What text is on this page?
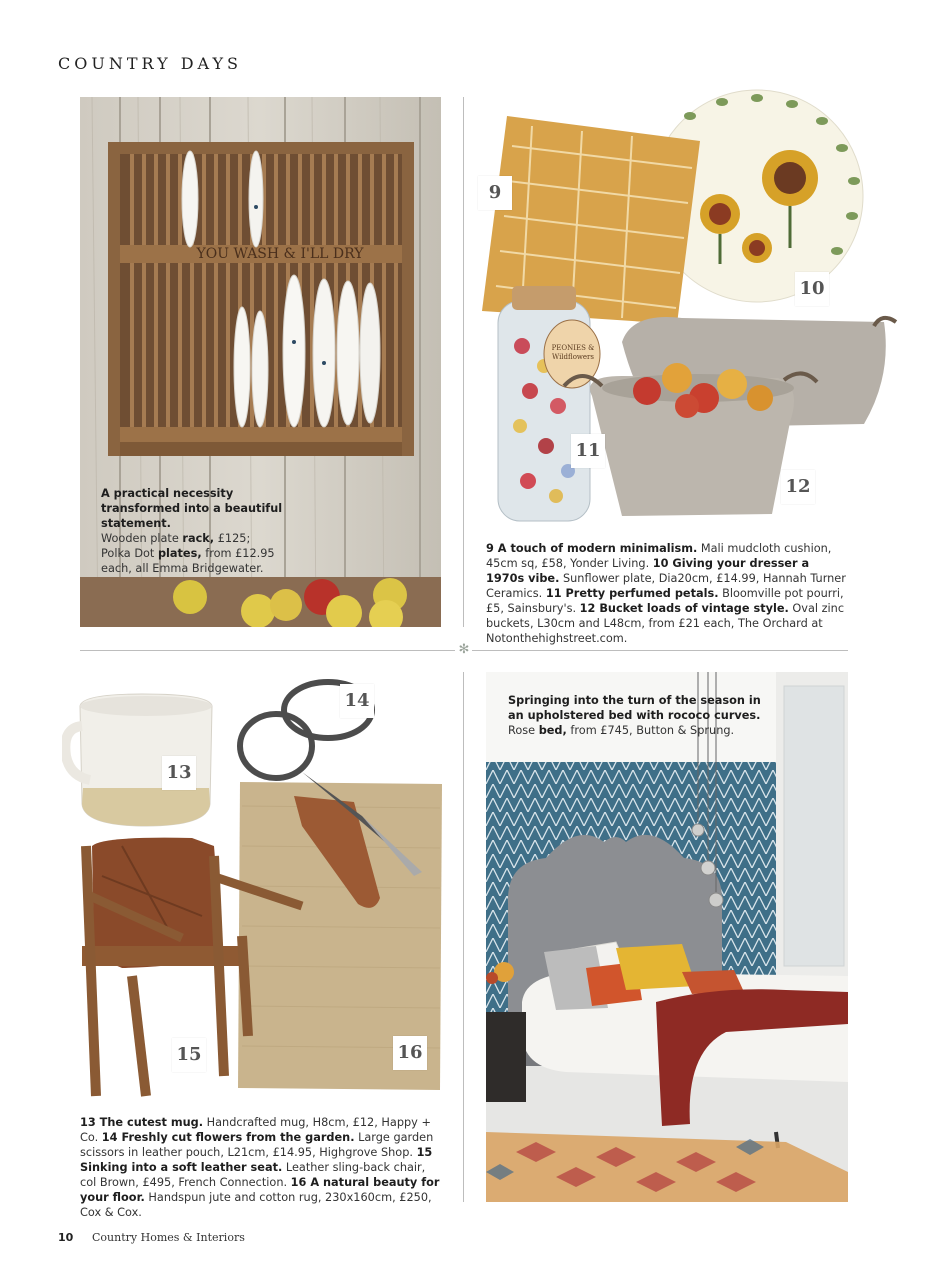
COUNTRY DAYS
✻
YOU WASH & I'LL DRY
A practical necessity transformed into a beautiful statement.
Wooden plate rack, £125;
Polka Dot plates, from £12.95
each, all Emma Bridgewater.
PEONIES & Wildflowers
9
10
11
12
9 A touch of modern minimalism. Mali mudcloth cushion, 45cm sq, £58, Yonder Living. 10 Giving your dresser a 1970s vibe. Sunflower plate, Dia20cm, £14.99, Hannah Turner Ceramics. 11 Pretty perfumed petals. Bloomville pot pourri, £5, Sainsbury's. 12 Bucket loads of vintage style. Oval zinc buckets, L30cm and L48cm, from £21 each, The Orchard at Notonthehighstreet.com.
13
14
15	16
13 The cutest mug. Handcrafted mug, H8cm, £12, Happy + Co. 14 Freshly cut flowers from the garden. Large garden scissors in leather pouch, L21cm, £14.95, Highgrove Shop. 15 Sinking into a soft leather seat. Leather sling-back chair, col Brown, £495, French Connection. 16 A natural beauty for your floor. Handspun jute and cotton rug, 230x160cm, £250, Cox & Cox.
Springing into the turn of the season in an upholstered bed with rococo curves.
Rose bed, from £745, Button & Sprung.
10 Country Homes & Interiors
